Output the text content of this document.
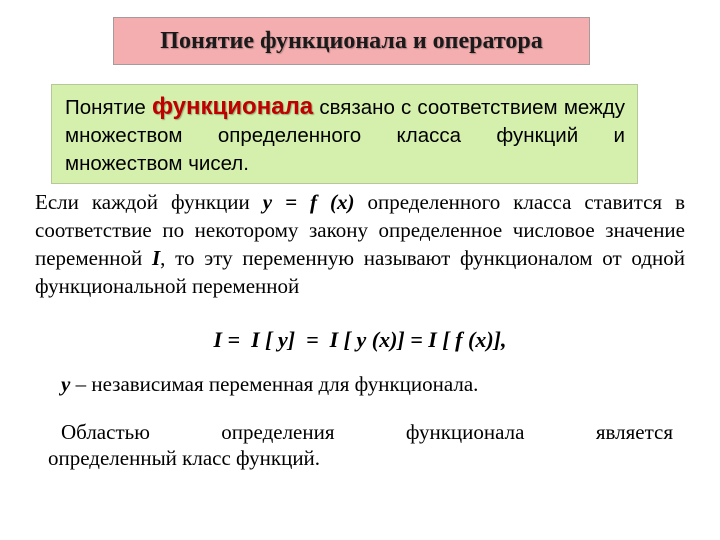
Понятие функционала и оператора

Понятие функционала связано с соответствием между множеством определенного класса функций и множеством чисел.

Если каждой функции y = f (x) определенного класса ставится в соответствие по некоторому закону определенное числовое значение переменной I, то эту переменную называют функционалом от одной функциональной переменной

I =  I [ y]  =  I [ y (x)] = I [ f (x)],

y – независимая переменная для функционала.

Областью	определения	функционала	является

определенный класс функций.
